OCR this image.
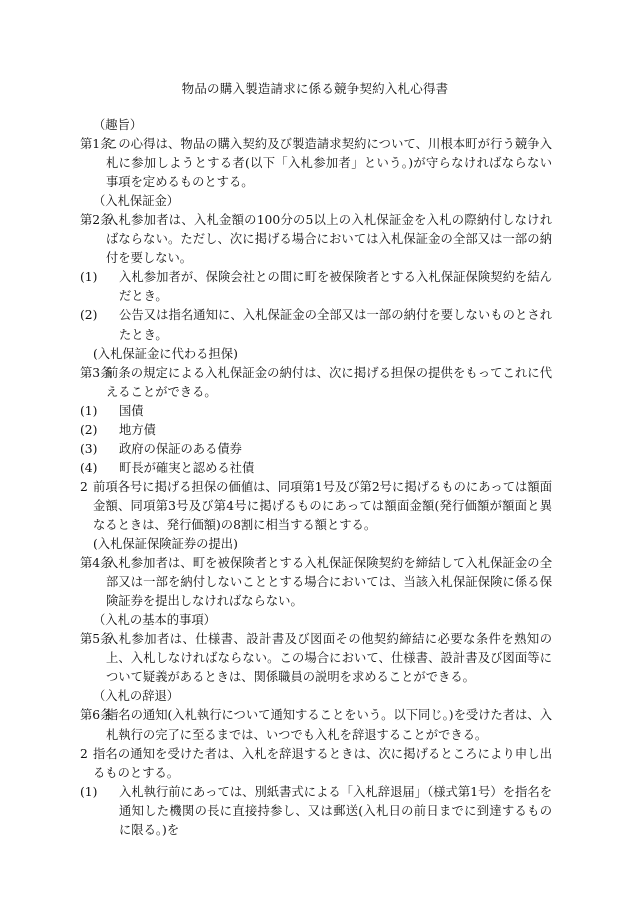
物品の購入製造請求に係る競争契約入札心得書
（趣旨）
第1条
この心得は、物品の購入契約及び製造請求契約について、川根本町が行う競争入札に参加しようとする者(以下「入札参加者」という。)が守らなければならない事項を定めるものとする。
（入札保証金）
第2条
入札参加者は、入札金額の100分の5以上の入札保証金を入札の際納付しなければならない。ただし、次に掲げる場合においては入札保証金の全部又は一部の納付を要しない。
(1)	入札参加者が、保険会社との間に町を被保険者とする入札保証保険契約を結んだとき。
(2)	公告又は指名通知に、入札保証金の全部又は一部の納付を要しないものとされたとき。
(入札保証金に代わる担保)
第3条
前条の規定による入札保証金の納付は、次に掲げる担保の提供をもってこれに代えることができる。
(1)	国債
(2)	地方債
(3)	政府の保証のある債券
(4)	町長が確実と認める社債
2 前項各号に掲げる担保の価値は、同項第1号及び第2号に掲げるものにあっては額面金額、同項第3号及び第4号に掲げるものにあっては額面金額(発行価額が額面と異なるときは、発行価額)の8割に相当する額とする。
(入札保証保険証券の提出)
第4条
入札参加者は、町を被保険者とする入札保証保険契約を締結して入札保証金の全部又は一部を納付しないこととする場合においては、当該入札保証保険に係る保険証券を提出しなければならない。
（入札の基本的事項）
第5条
入札参加者は、仕様書、設計書及び図面その他契約締結に必要な条件を熟知の上、入札しなければならない。この場合において、仕様書、設計書及び図面等について疑義があるときは、関係職員の説明を求めることができる。
（入札の辞退）
第6条
指名の通知(入札執行について通知することをいう。以下同じ。)を受けた者は、入札執行の完了に至るまでは、いつでも入札を辞退することができる。
2 指名の通知を受けた者は、入札を辞退するときは、次に掲げるところにより申し出るものとする。
(1)	入札執行前にあっては、別紙書式による「入札辞退届」（様式第1号）を指名を通知した機関の長に直接持参し、又は郵送(入札日の前日までに到達するものに限る。)を
